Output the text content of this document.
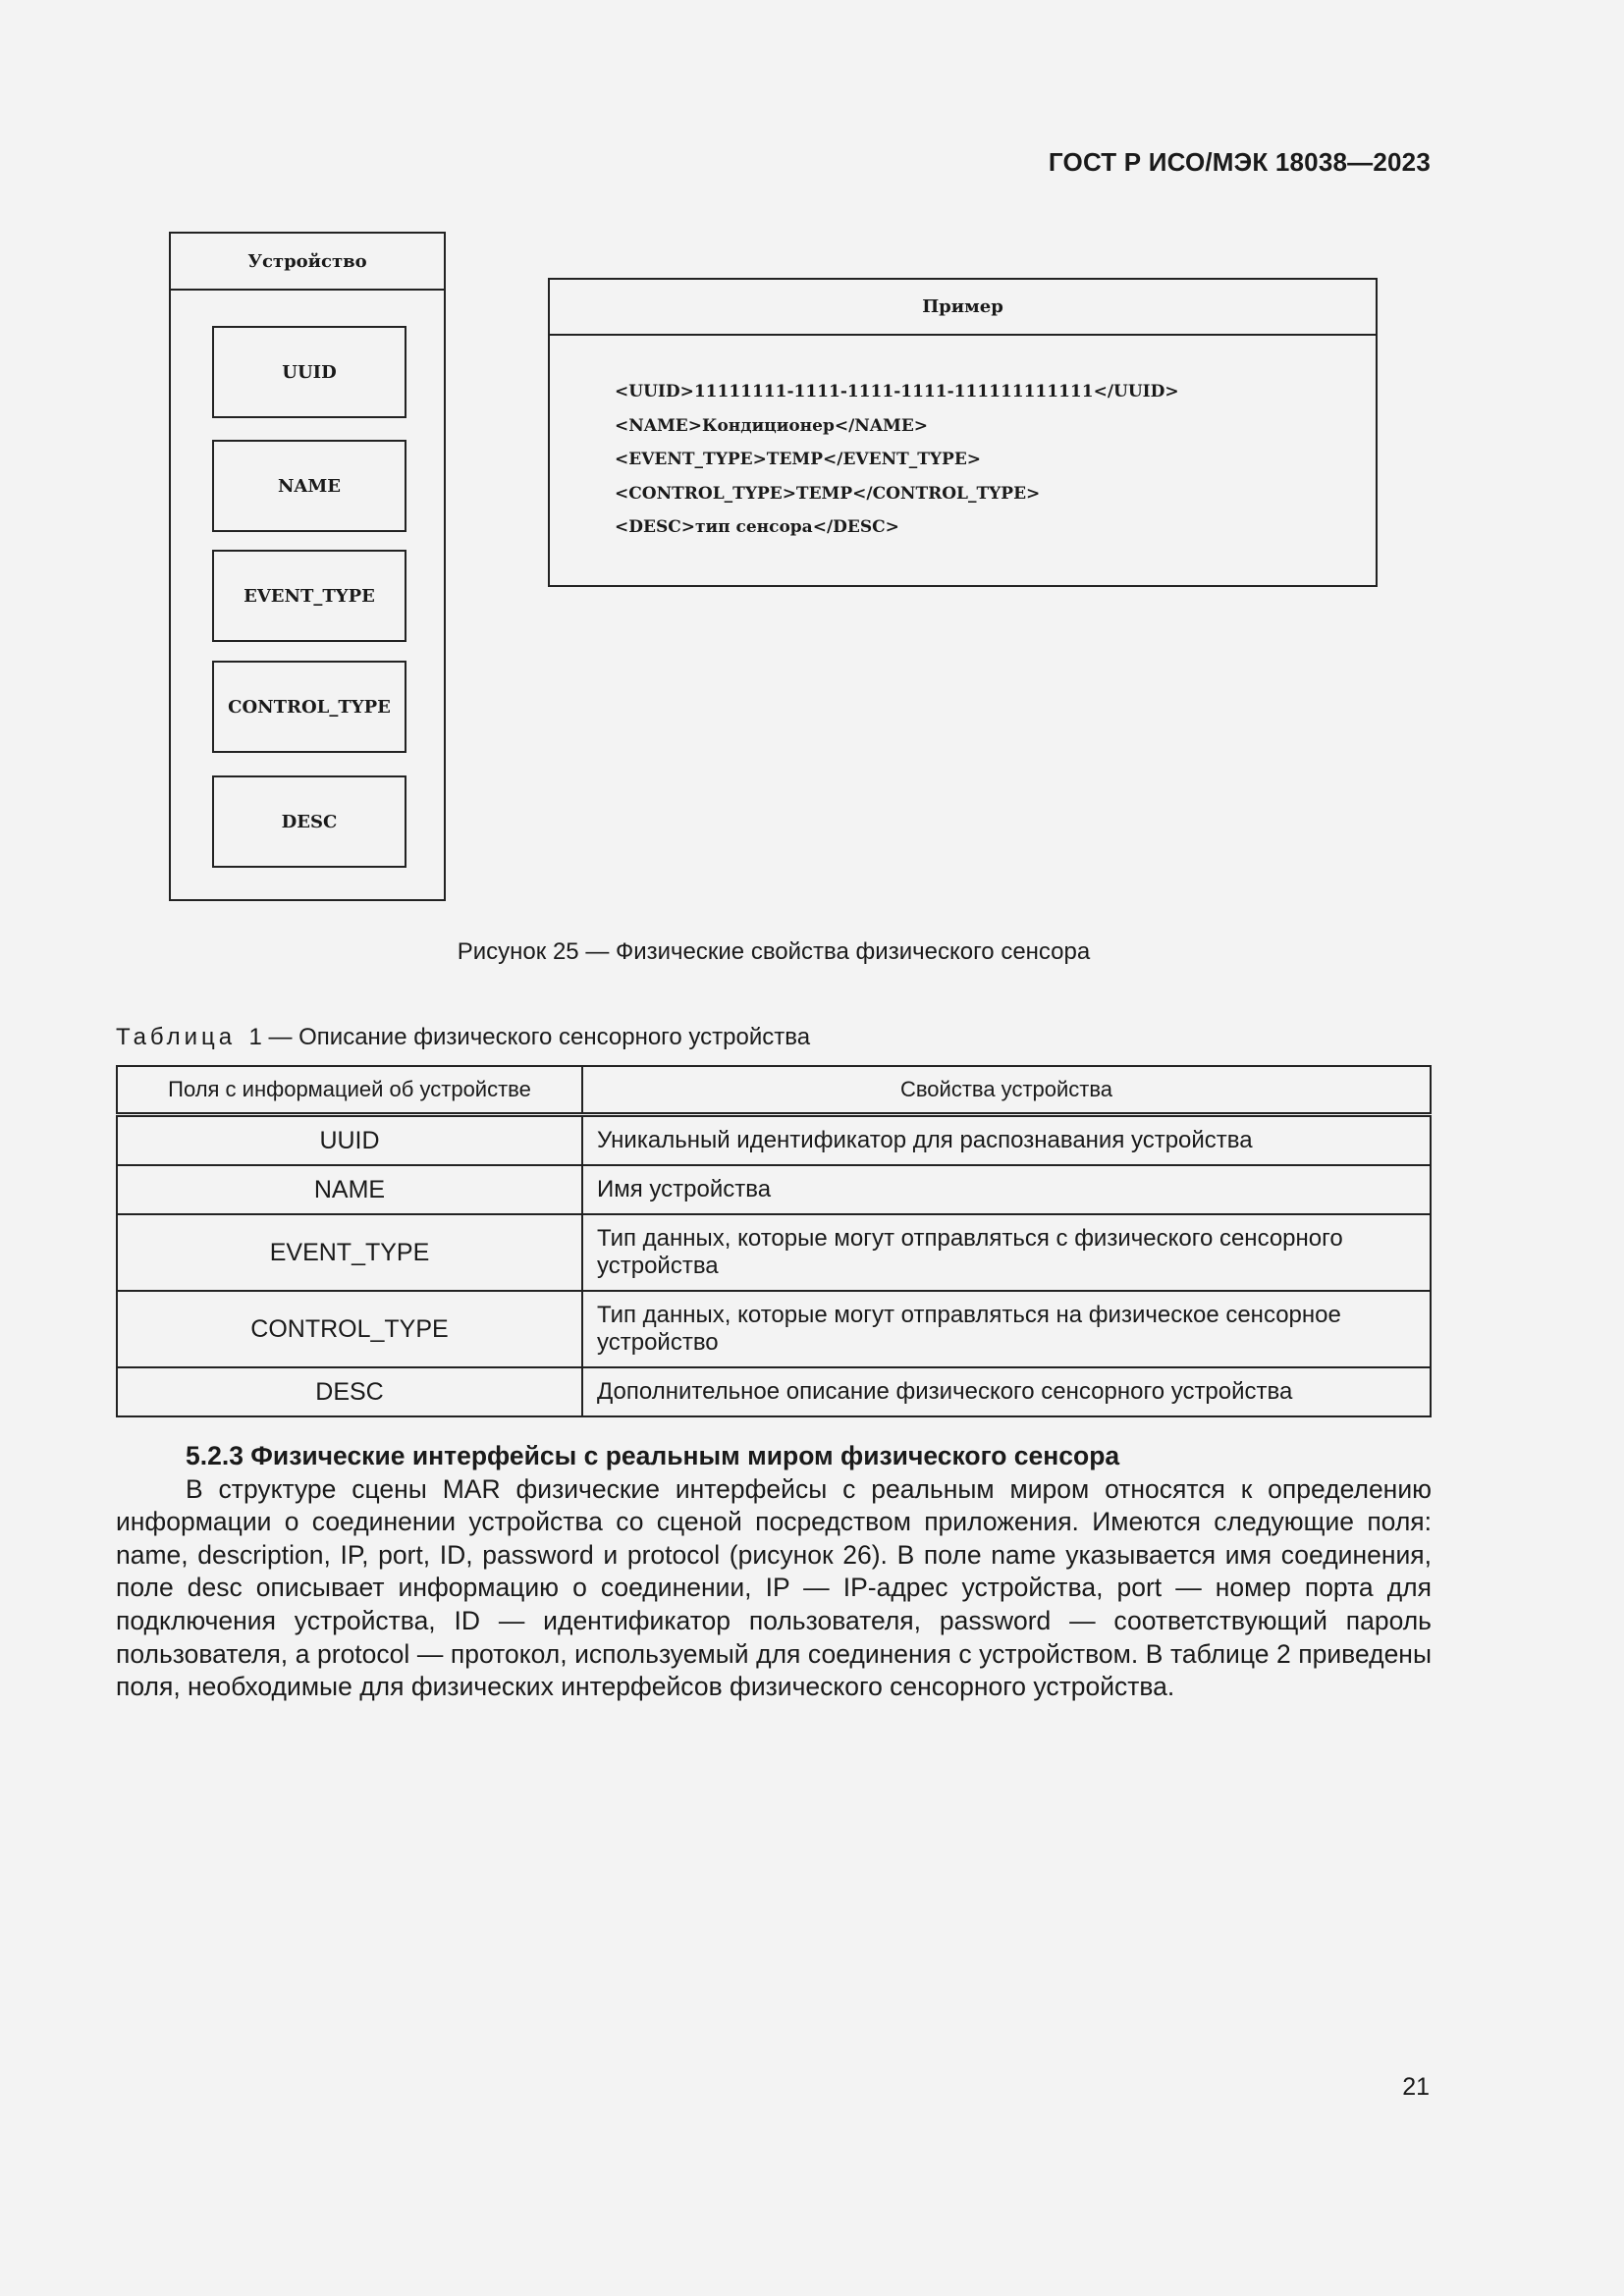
ГОСТ Р ИСО/МЭК 18038—2023
Устройство
UUID
NAME
EVENT_TYPE
CONTROL_TYPE
DESC
Пример
<UUID>11111111-1111-1111-1111-111111111111</UUID>
<NAME>Кондиционер</NAME>
<EVENT_TYPE>TEMP</EVENT_TYPE>
<CONTROL_TYPE>TEMP</CONTROL_TYPE>
<DESC>тип сенсора</DESC>
Рисунок 25 — Физические свойства физического сенсора
Таблица 1 — Описание физического сенсорного устройства
Поля с информацией об устройстве	Свойства устройства
UUID	Уникальный идентификатор для распознавания устройства
NAME	Имя устройства
EVENT_TYPE	Тип данных, которые могут отправляться с физического сенсорного устройства
CONTROL_TYPE	Тип данных, которые могут отправляться на физическое сенсорное устройство
DESC	Дополнительное описание физического сенсорного устройства
5.2.3 Физические интерфейсы с реальным миром физического сенсора

В структуре сцены MAR физические интерфейсы с реальным миром относятся к определению информации о соединении устройства со сценой посредством приложения. Имеются следующие поля: name, description, IP, port, ID, password и protocol (рисунок 26). В поле name указывается имя соединения, поле desc описывает информацию о соединении, IP — IP-адрес устройства, port — номер порта для подключения устройства, ID — идентификатор пользователя, password — соответствующий пароль пользователя, а protocol — протокол, используемый для соединения с устройством. В таблице 2 приведены поля, необходимые для физических интерфейсов физического сенсорного устройства.

21
